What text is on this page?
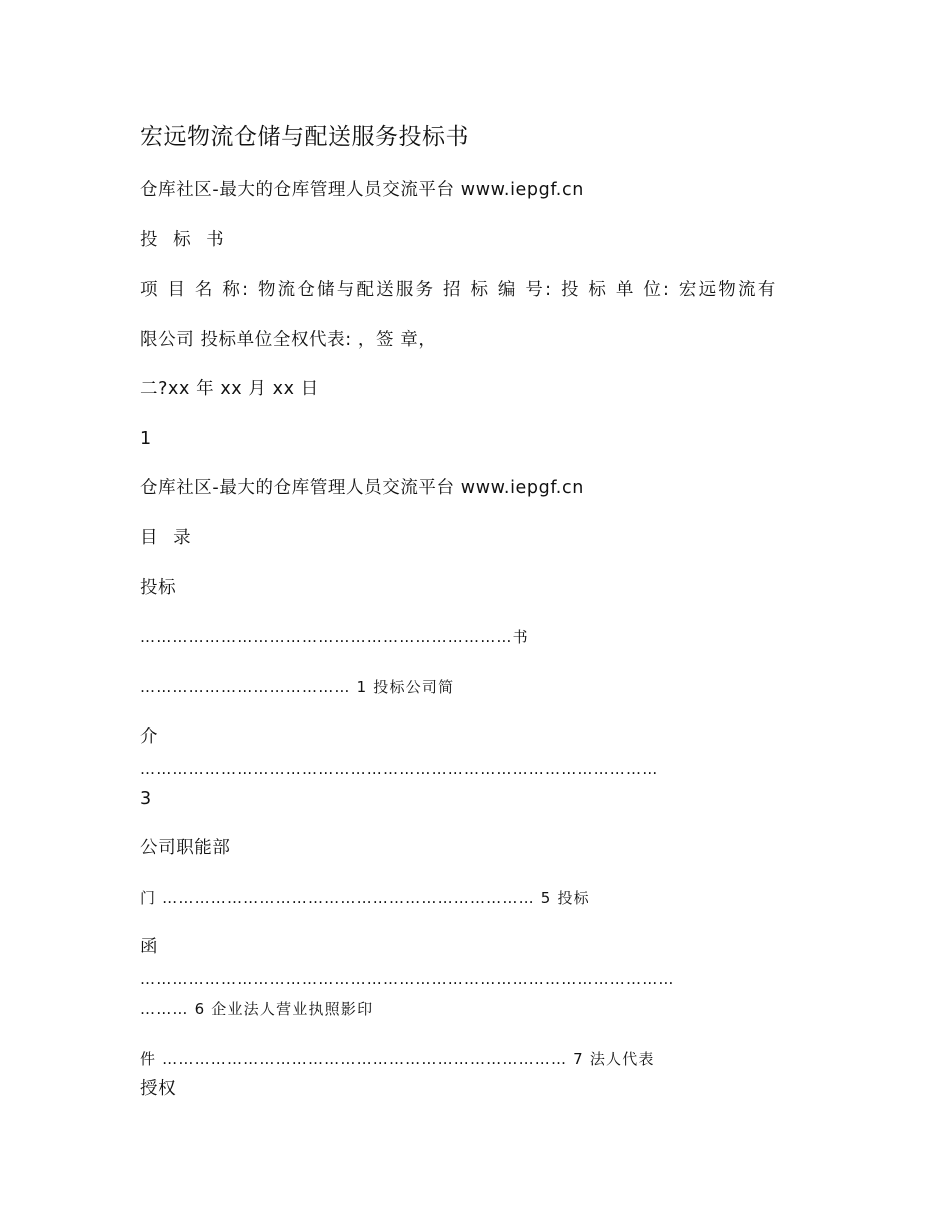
宏远物流仓储与配送服务投标书
仓库社区-最大的仓库管理人员交流平台 www.iepgf.cn
投 标 书
项 目 名 称: 物流仓储与配送服务 招 标 编 号: 投 标 单 位: 宏远物流有
限公司 投标单位全权代表: ，签 章，
二?xx 年 xx 月 xx 日
1
仓库社区-最大的仓库管理人员交流平台 www.iepgf.cn
目 录
投标
……………………………………………………………书
………………………………… 1 投标公司简
介
……………………………………………………………………………………
3
公司职能部
门 …………………………………………………………… 5 投标
函
………………………………………………………………………………………
……… 6 企业法人营业执照影印
件 ………………………………………………………………… 7 法人代表
授权
